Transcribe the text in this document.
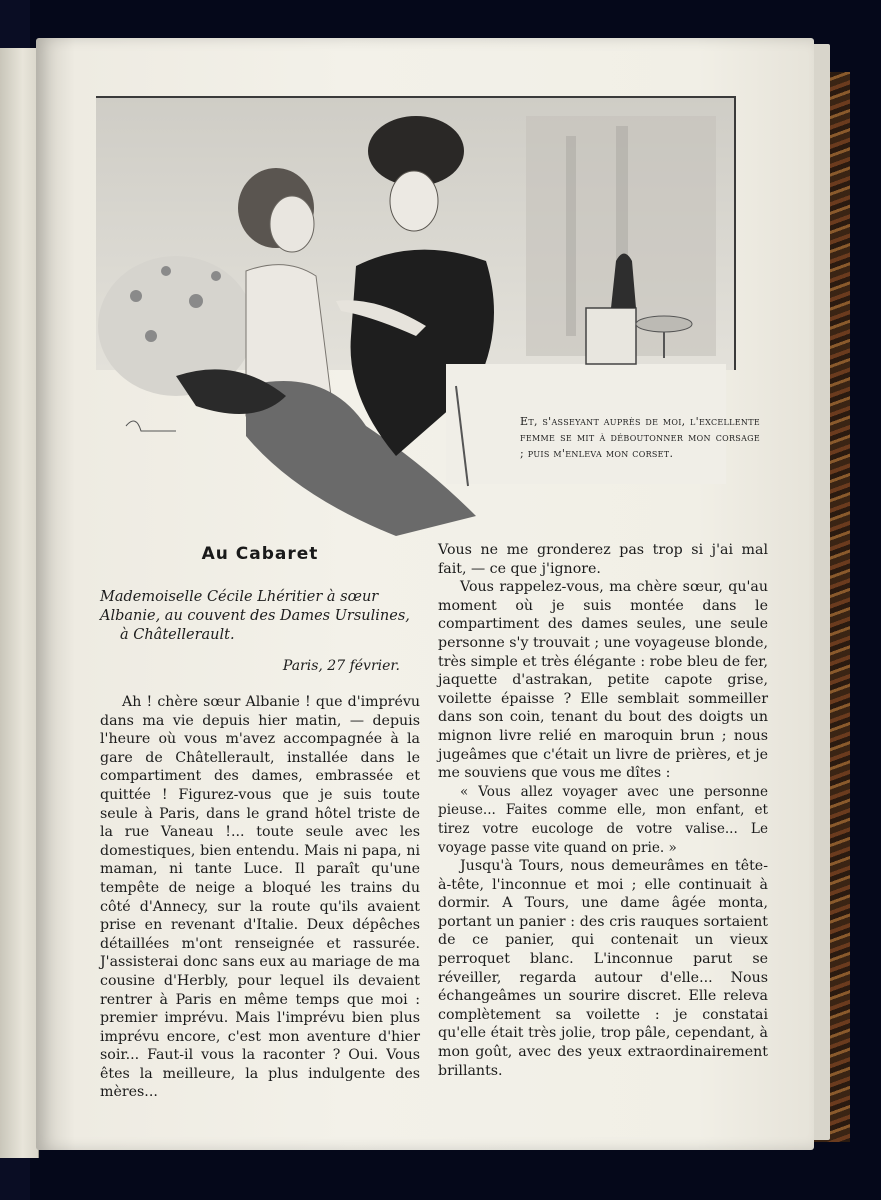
Et, s'asseyant auprès de moi, l'excellente femme se mit à déboutonner mon corsage ; puis m'enleva mon corset.
Au Cabaret
Mademoiselle Cécile Lhéritier à sœur Albanie, au couvent des Dames Ursulines,
à Châtellerault.
Paris, 27 février.

Ah ! chère sœur Albanie ! que d'imprévu dans ma vie depuis hier matin, — depuis l'heure où vous m'avez accompagnée à la gare de Châtellerault, installée dans le compartiment des dames, embrassée et quittée ! Figurez-vous que je suis toute seule à Paris, dans le grand hôtel triste de la rue Vaneau !... toute seule avec les domestiques, bien entendu. Mais ni papa, ni maman, ni tante Luce. Il paraît qu'une tempête de neige a bloqué les trains du côté d'Annecy, sur la route qu'ils avaient prise en revenant d'Italie. Deux dépêches détaillées m'ont renseignée et rassurée. J'assisterai donc sans eux au mariage de ma cousine d'Herbly, pour lequel ils devaient rentrer à Paris en même temps que moi : premier imprévu. Mais l'imprévu bien plus imprévu encore, c'est mon aventure d'hier soir... Faut-il vous la raconter ? Oui. Vous êtes la meilleure, la plus indulgente des mères...

Vous ne me gronderez pas trop si j'ai mal fait, — ce que j'ignore.

Vous rappelez-vous, ma chère sœur, qu'au moment où je suis montée dans le compartiment des dames seules, une seule personne s'y trouvait ; une voyageuse blonde, très simple et très élégante : robe bleu de fer, jaquette d'astrakan, petite capote grise, voilette épaisse ? Elle semblait sommeiller dans son coin, tenant du bout des doigts un mignon livre relié en maroquin brun ; nous jugeâmes que c'était un livre de prières, et je me souviens que vous me dîtes :

« Vous allez voyager avec une personne pieuse... Faites comme elle, mon enfant, et tirez votre eucologe de votre valise... Le voyage passe vite quand on prie. »

Jusqu'à Tours, nous demeurâmes en tête-à-tête, l'inconnue et moi ; elle continuait à dormir. A Tours, une dame âgée monta, portant un panier : des cris rauques sortaient de ce panier, qui contenait un vieux perroquet blanc. L'inconnue parut se réveiller, regarda autour d'elle... Nous échangeâmes un sourire discret. Elle releva complètement sa voilette : je constatai qu'elle était très jolie, trop pâle, cependant, à mon goût, avec des yeux extraordinairement brillants.
